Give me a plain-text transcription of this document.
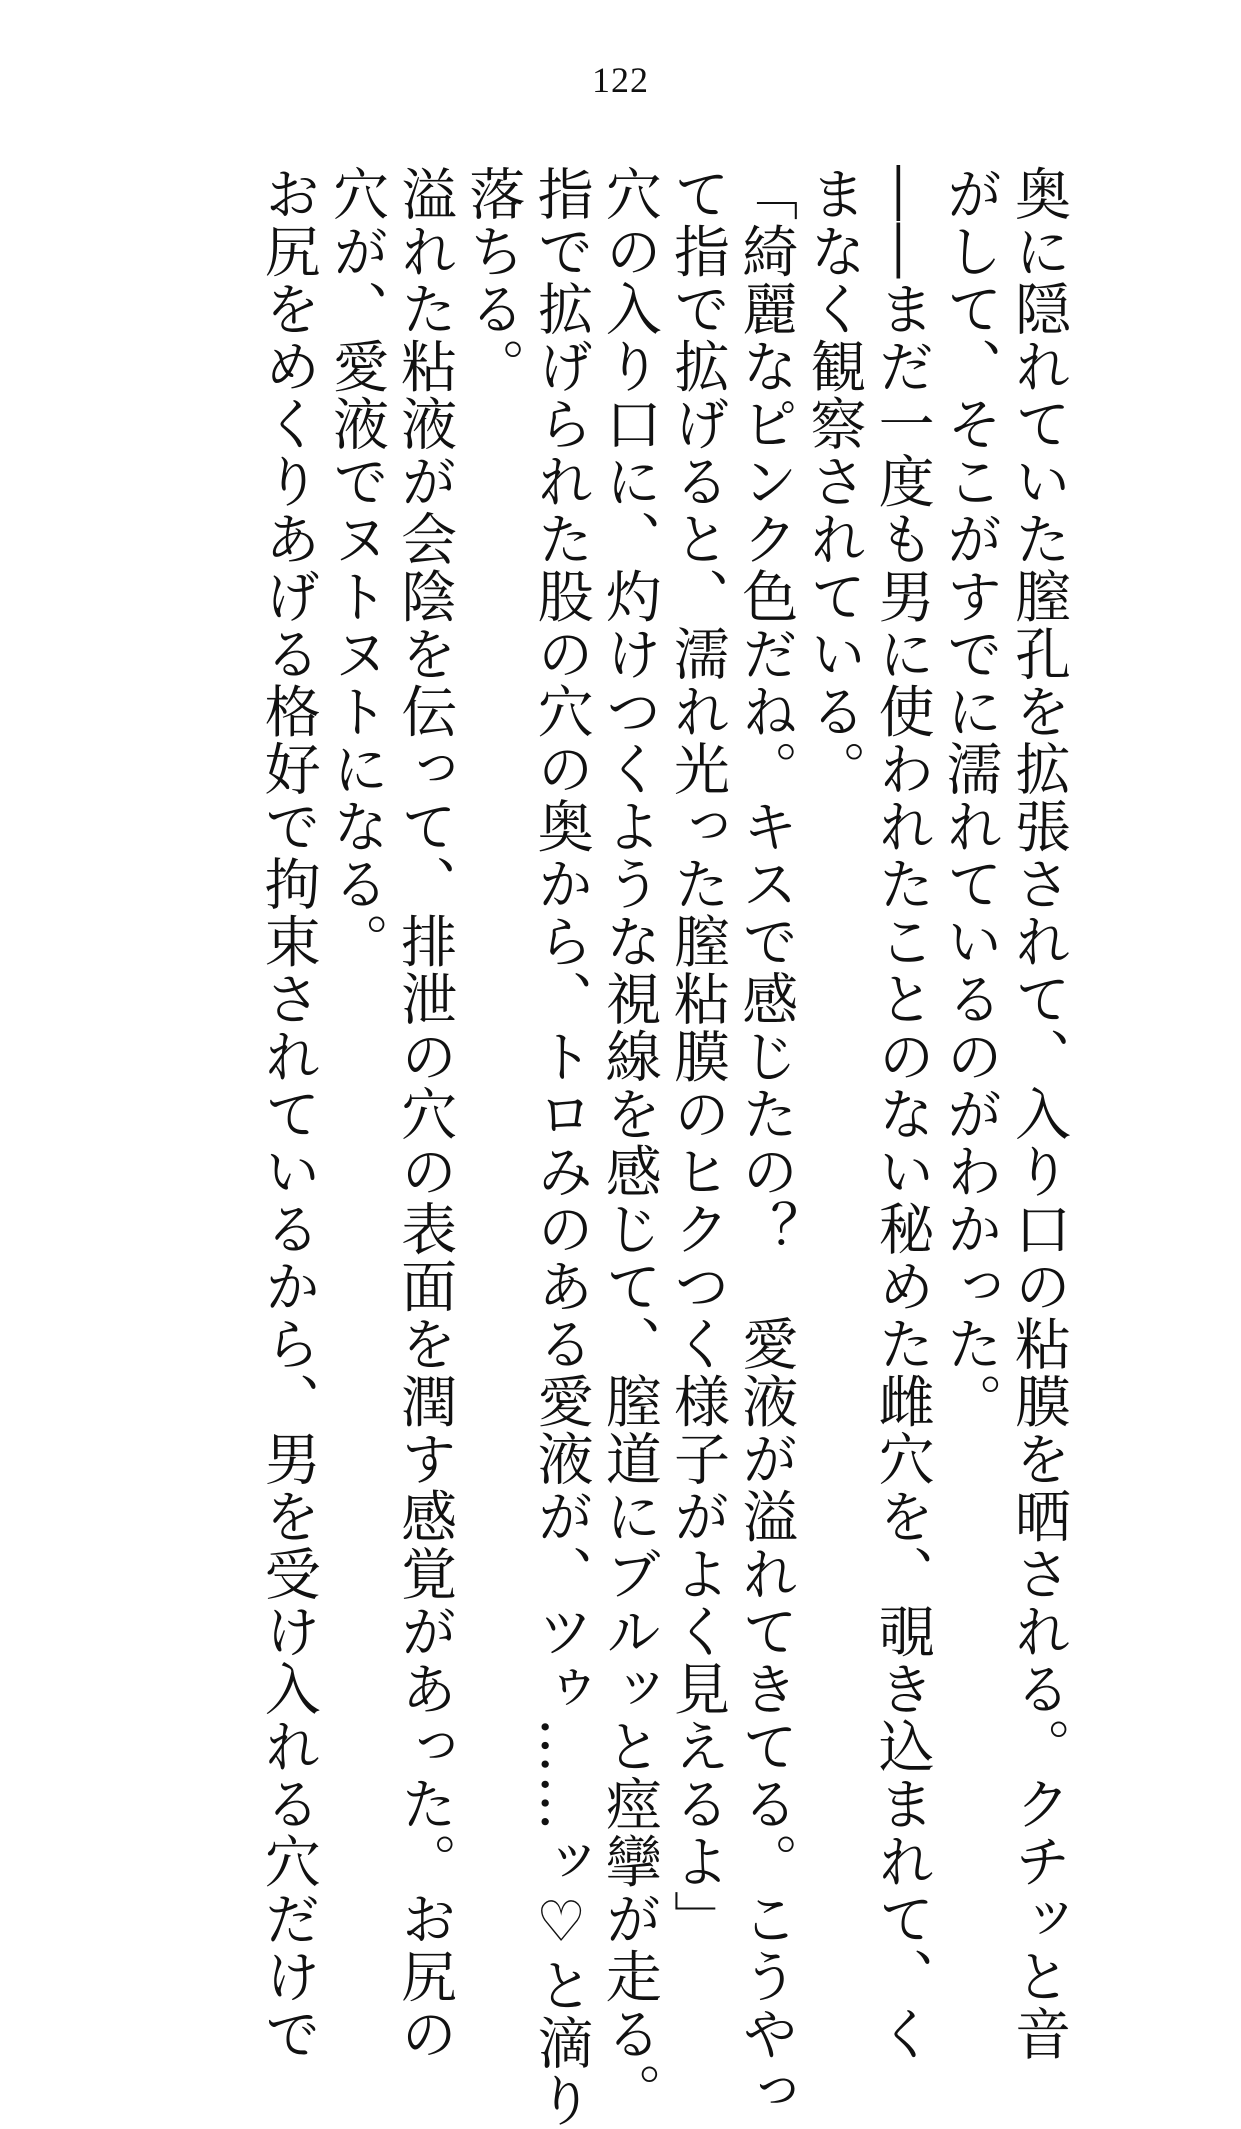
122

奥に隠れていた膣孔を拡張されて、入り口の粘膜を晒される。クチッと音

がして、そこがすでに濡れているのがわかった。

――まだ一度も男に使われたことのない秘めた雌穴を、覗き込まれて、く

まなく観察されている。

「綺麗なピンク色だね。キスで感じたの？　愛液が溢れてきてる。こうやっ

て指で拡げると、濡れ光った膣粘膜のヒクつく様子がよく見えるよ」

穴の入り口に、灼けつくような視線を感じて、膣道にブルッと痙攣が走る。

指で拡げられた股の穴の奥から、トロみのある愛液が、ツゥ……ッ♡と滴り

落ちる。

溢れた粘液が会陰を伝って、排泄の穴の表面を潤す感覚があった。お尻の

穴が、愛液でヌトヌトになる。

お尻をめくりあげる格好で拘束されているから、男を受け入れる穴だけで
